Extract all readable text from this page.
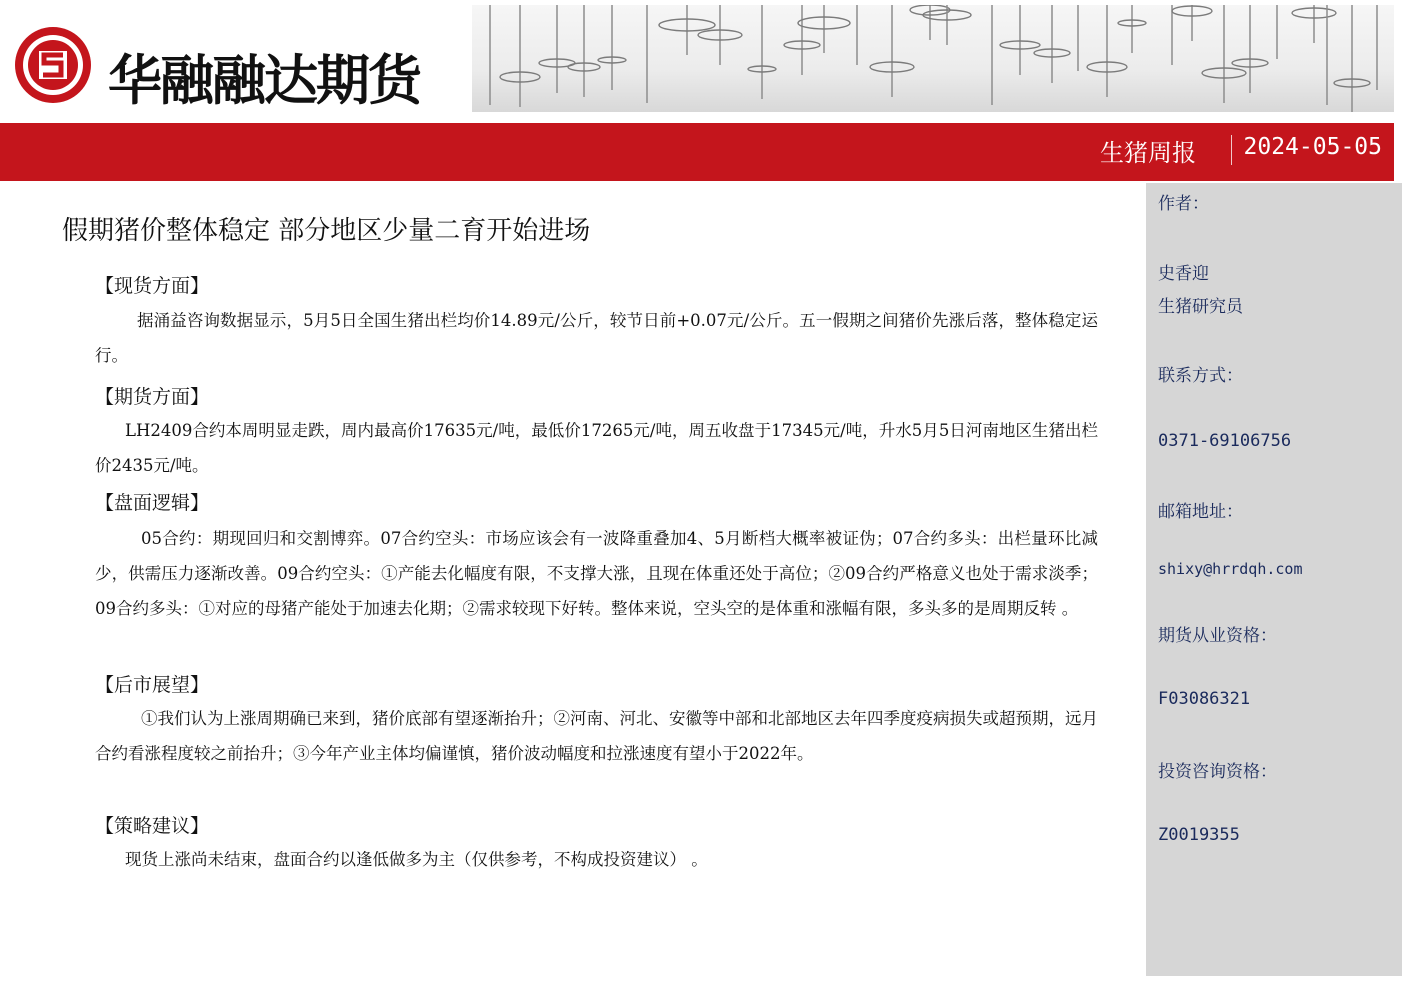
华融融达期货
生猪周报 2024-05-05
假期猪价整体稳定 部分地区少量二育开始进场
【现货方面】

据涌益咨询数据显示，5月5日全国生猪出栏均价14.89元/公斤，较节日前+0.07元/公斤。五一假期之间猪价先涨后落，整体稳定运行。

【期货方面】

LH2409合约本周明显走跌，周内最高价17635元/吨，最低价17265元/吨，周五收盘于17345元/吨，升水5月5日河南地区生猪出栏价2435元/吨。

【盘面逻辑】

05合约：期现回归和交割博弈。07合约空头：市场应该会有一波降重叠加4、5月断档大概率被证伪；07合约多头：出栏量环比减少，供需压力逐渐改善。09合约空头：①产能去化幅度有限，不支撑大涨，且现在体重还处于高位；②09合约严格意义也处于需求淡季；09合约多头：①对应的母猪产能处于加速去化期；②需求较现下好转。整体来说，空头空的是体重和涨幅有限，多头多的是周期反转 。

【后市展望】

①我们认为上涨周期确已来到，猪价底部有望逐渐抬升；②河南、河北、安徽等中部和北部地区去年四季度疫病损失或超预期，远月合约看涨程度较之前抬升；③今年产业主体均偏谨慎，猪价波动幅度和拉涨速度有望小于2022年。

【策略建议】

现货上涨尚未结束，盘面合约以逢低做多为主（仅供参考，不构成投资建议） 。

作者：
史香迎
生猪研究员
联系方式：
0371-69106756
邮箱地址：
shixy@hrrdqh.com
期货从业资格：
F03086321
投资咨询资格：
Z0019355
